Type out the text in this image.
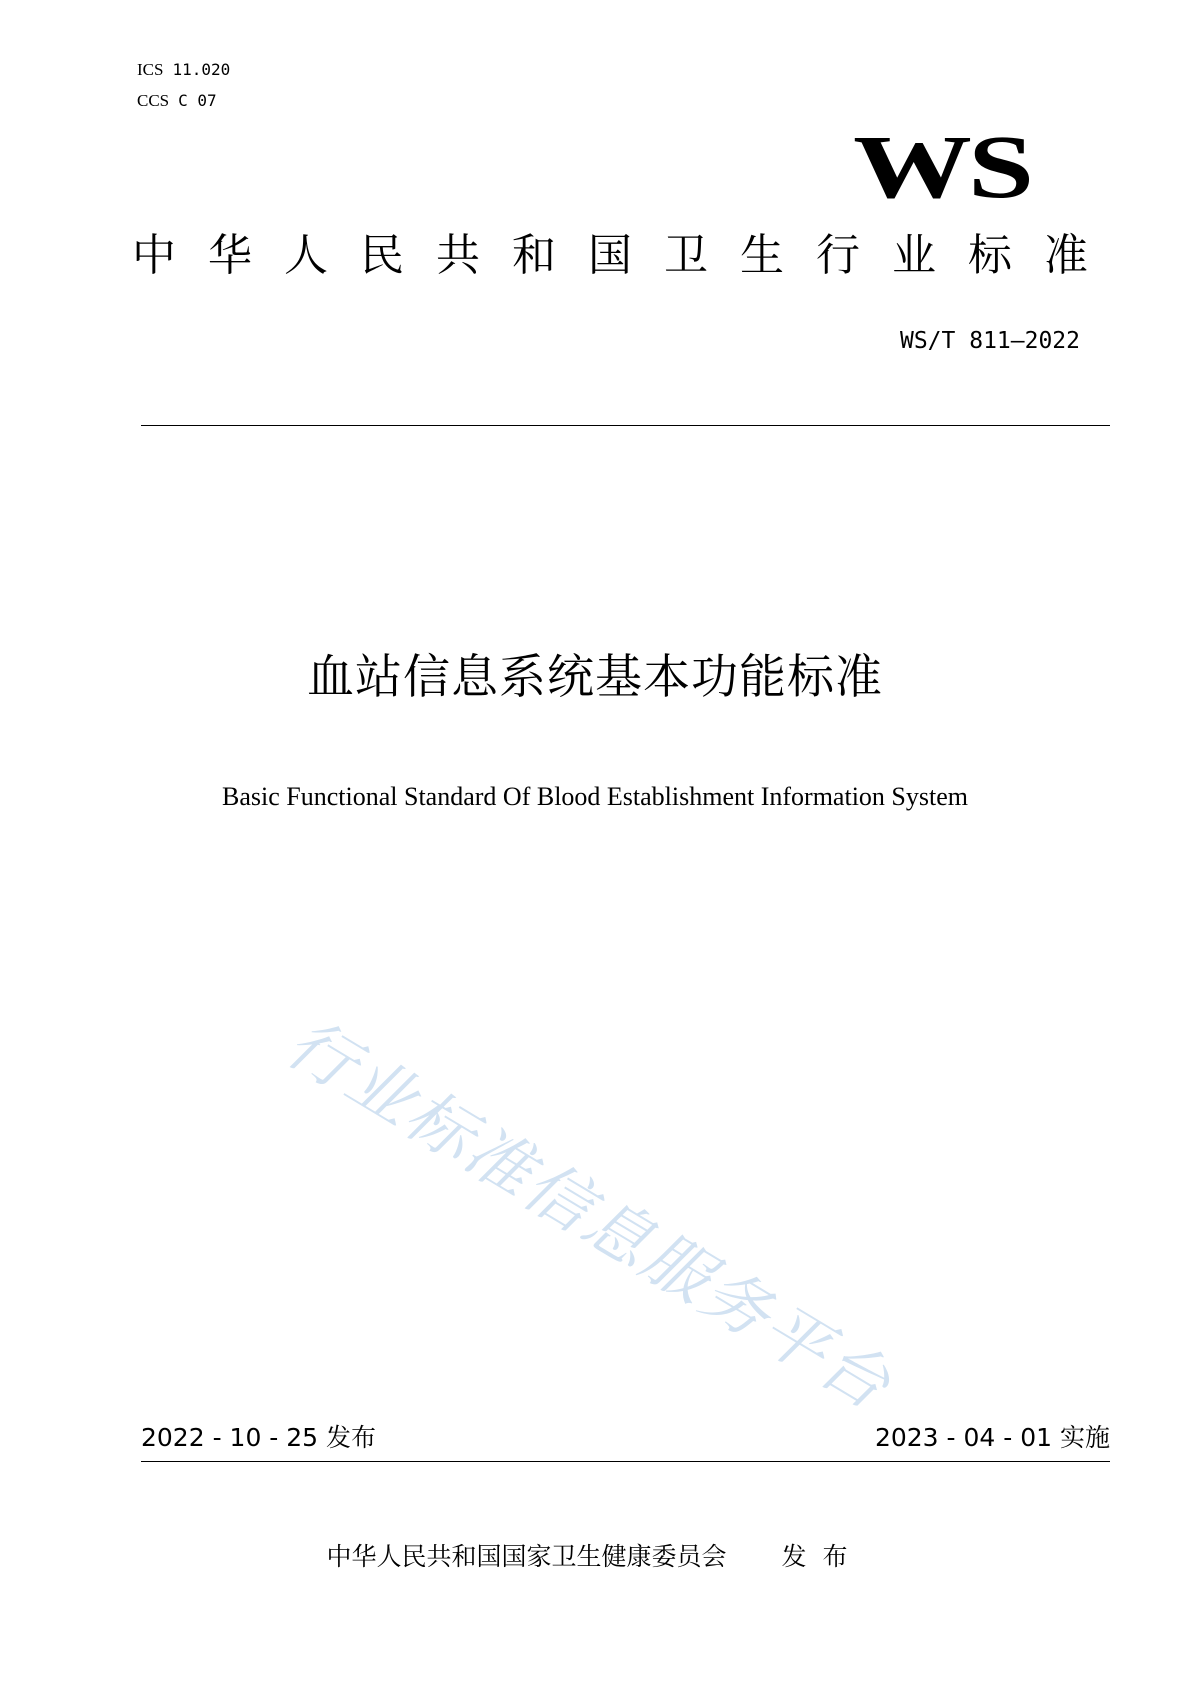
ICS 11.020
CCS C 07
WS
中华人民共和国卫生行业标准
WS/T 811—2022
血站信息系统基本功能标准
Basic Functional Standard Of Blood Establishment Information System
行业标准信息服务平台
2022 - 10 - 25 发布	2023 - 04 - 01 实施
中华人民共和国国家卫生健康委员会 发布
